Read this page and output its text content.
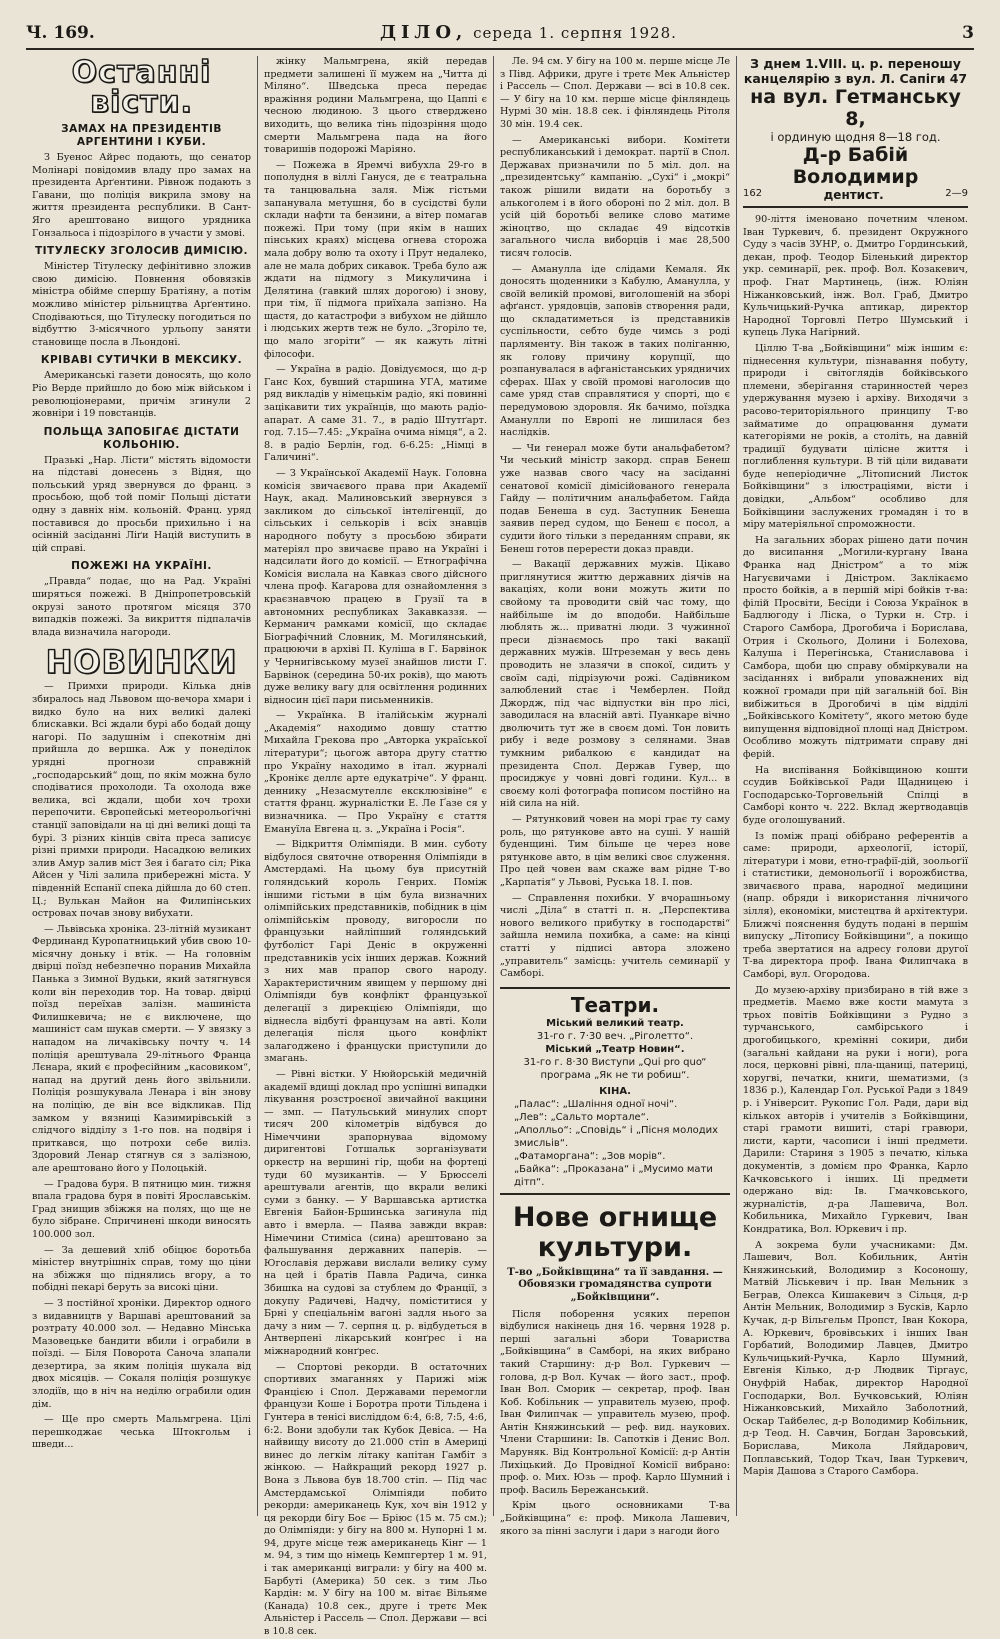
Ч. 169.	ДІЛО, середа 1. серпня 1928.	3
Останні вісти.
ЗАМАХ НА ПРЕЗИДЕНТІВ АРГЕНТИНИ І КУБИ.

З Буенос Айрес подають, що сенатор Молінарі повідомив владу про замах на президента Арґентини. Рівнож подають з Гавани, що поліція викрила змову на життя президента республики. В Сант-Яго арештовано вищого урядника Гонзальоса і підозрілого в участи у змові.

ТІТУЛЕСКУ ЗГОЛОСИВ ДИМІСІЮ.

Міністер Тітулеску дефінітивно зложив свою димісію. Повнення обовязків міністра обійме спершу Братіяну, а потім можливо міністер рільництва Арґентино. Сподіваються, що Тітулеску погодиться по відбуттю 3-місячного урльопу заняти становище посла в Льондоні.

КРІВАВІ СУТИЧКИ В МЕКСИКУ.

Американські газети доносять, що коло Ріо Верде прийшло до бою між військом і революціонерами, причім згинули 2 жовніри і 19 повстанців.

ПОЛЬЩА ЗАПОБІГАЄ ДІСТАТИ КОЛЬОНІЮ.

Празькі „Нар. Лісти“ містять відомости на підставі донесень з Відня, що польський уряд звернувся до франц. з просьбою, щоб той поміг Польщі дістати одну з давніх нім. кольоній. Франц. уряд поставився до просьби прихильно і на осінній засіданні Ліґи Націй виступить в цій справі.

ПОЖЕЖІ НА УКРАЇНІ.

„Правда“ подає, що на Рад. Україні ширяться пожежі. В Дніпропетровській окрузі заното протягом місяця 370 випадків пожежі. За викриття підпалачів влада визначила нагороди.

НОВИНКИ

— Примхи природи. Кілька днів збиралось над Львовом що-вечора хмари і видко було на них великі далекі блискавки. Всі ждали бурі або бодай дощу нагорі. По задушнім і спекотнім дні прийшла до вершка. Аж у понеділок урядні прогнози справжній „господарський“ дощ, по якім можна було сподіватися прохолоди. Та охолода вже велика, всі ждали, щоби хоч трохи перепочити. Європейські метеорольоґічні станції заповідали на ці дні великі дощі та бурі. З різних кінців світа преса записує різні примхи природи. Насадкою великих злив Амур залив міст Зея і багато сіл; Ріка Айсен у Чілі залила прибережні міста. У південній Еспанії спека дійшла до 60 степ. Ц.; Вулькан Майон на Филипінських островах почав знову вибухати.

— Львівська хроніка. 23-літній музикант Фердинанд Куропатницький убив свою 10-місячну доньку і втік. — На головнім двірці поїзд небезпечно поранив Михайла Панька з Зимної Вудьки, який затягнувся коли він переходив тор. На товар. двірці поїзд переїхав залізн. машиніста Филишкевича; не є виключене, що машиніст сам шукав смерти. — У звязку з нападом на личаківську почту ч. 14 поліція арештувала 29-літнього Франца Лєнара, який є професійним „касовиком“, напад на другий день його звільнили. Поліція розшукувала Ленара і він знову на поліцію, де він все відкликав. Під замком у вязниці Казимирівській з слідчого відділу з 1-го пов. на подвіря і приткався, що потрохи себе виліз. Здоровий Ленар стягнув ся з залізною, але арештовано його у Полоцькій.

— Градова буря. В пятницю мин. тижня впала градова буря в повіті Ярославськім. Град знищив збіжжя на полях, що ще не було зібране. Спричинені шкоди виносять 100.000 зол.

— За дешевий хліб обіцює боротьба міністер внутрішніх справ, тому що ціни на збіжжя що піднялись вгору, а то побідні пекарі беруть за високі ціни.

— З постійної хроніки. Директор одного з видавництв у Варшаві арештований за розтрату 40.000 зол. — Недавно Мінська Мазовецьке бандити вбили і ограбили в поїзді. — Біля Поворота Саноча злапали дезертира, за яким поліція шукала від двох місяців. — Сокаля поліція розшукує злодіїв, що в ніч на неділю ограбили один дім.

— Ще про смерть Мальмгрена. Цілі перешкоджає чеська Штокгольм і шведи...

жінку Мальмгрена, якій передав предмети залишені її мужем на „Читта ді Міляно“. Шведська преса передає вражіння родини Мальмгрена, що Цаппі є чесною людиною. З цього стверджено виходить, що велика тінь підозріння щодо смерти Мальмгрена пада на його товаришів подорожі Маріяно.

— Пожежа в Яремчі вибухла 29-го в пополудня в віллі Гануся, де є театральна та танцювальна заля. Між гістьми запанувала метушня, бо в сусідстві були склади нафти та бензини, а вітер помагав пожежі. При тому (при якім в наших пінських краях) місцева огнева сторожа мала добру волю та охоту і Прут недалеко, але не мала добрих сикавок. Треба було аж ждати на підмогу з Микуличина і Делятина (гавкий шлях дорогою) і знову, при тім, її підмога приїхала запізно. На щастя, до катастрофи з вибухом не дійшло і людських жертв теж не було. „Згоріло те, що мало згоріти“ — як кажуть літні філософи.

— Україна в радіо. Довідуємося, що д-р Ганс Кох, бувший старшина УГА, матиме ряд викладів у німецькім радіо, які повинні зацікавити тих українців, що мають радіо-апарат. А саме 31. 7., в радіо Штутґарт. год. 7.15—7.45: „Україна очима німця“, а 2. 8. в радіо Берлін, год. 6-6.25: „Німці в Галичині“.

— З Української Академії Наук. Головна комісія звичаєвого права при Академії Наук, акад. Малиновський звернувся з закликом до сільської інтелігенції, до сільських і селькорів і всіх знавців народного побуту з просьбою збирати матеріял про звичаєве право на Україні і надсилати його до комісії. — Етнографічна Комісія вислала на Кавказ свого дійсного члена проф. Кагарова для ознайомлення з краєзнавчою працею в Грузії та в автономних республиках Закавказзя. — Керманич рамками комісії, що складає Біографічний Словник, М. Могилянський, працюючи в архіві П. Куліша в Г. Барвінок у Чернигівському музеї знайшов листи Г. Барвінок (середина 50-их років), що мають дуже велику вагу для освітлення родинних відносин цієї пари письменників.

— Українка. В італійськім журналі „Академія“ находимо довшу статтю Михайла Грекова про „Авторка україської літератури“; цьогож автора другу статтю про Україну находимо в італ. журналі „Кронікє деллє арте едукатріче“. У франц. деннику „Незасмутеллє ексклюзівіне“ є стаття франц. журналістки Е. Ле Ґазе ся у визначника. — Про Україну є стаття Емануїла Евгена ц. з. „Україна і Росія“.

— Відкриття Олімпіяди. В мин. суботу відбулося святочне отворення Олімпіяди в Амстердамі. На цьому був присутній голяндський король Генрих. Поміж іншими гістьми в цім була визначних олімпійських представників, побідник в цім олімпійськім проводу, вигоросли по французьки найліпший голяндський футболіст Гарі Деніс в окруженні представників усіх інших держав. Кожний з них мав прапор свого народу. Характеристичним явищем у першому дні Олімпіяди був конфлікт французької делегації з дирекцією Олімпіяди, що віднесла відбуті французам на авті. Коли делегація після цього конфлікт залагоджено і француски приступили до змагань.

— Рівні вістки. У Нюйорській медичній академії вдищі доклад про успішні випадки лікування розстроєної звичайної вакцини — змп. — Патульський минулих спорт тисяч 200 кілометрів відбувся до Німеччини зрапорнуваа відомому диригентові Готшальк зорганізувати оркестр на вершині гір, щоби на фортеці туди 60 музикантів. — У Брюсселі арештували агентів, що вкрали великі суми з банку. — У Варшавська артистка Евгенія Байон-Бршинська загинула під авто і вмерла. — Паява завжди вкрав: Німечини Стиміса (сина) арештовано за фальшування державних паперів. — Югославія держави вислали велику суму на цей і братів Павла Радича, синка Збишка на судові за стублем до Франції, з докупу Радичеві, Надчу, поміститися у Брні у спеціальнім вагоні задля нього за дачу з ним — 7. серпня ц. р. відбудеться в Антверпені лікарський конґрес і на міжнародний конґрес.

— Спортові рекорди. В остаточних спортивих змаганнях у Парижі між Францією і Спол. Державами перемогли французи Коше і Боротра проти Тільдена і Гунтера в тенісі висліддом 6:4, 6:8, 7:5, 4:6, 6:2. Вони здобули так Кубок Девіса. — На найвищу висоту до 21.000 стіп в Америці винес до легкім літаку капітан Гамбіт з жінкою. — Найкращий рекорд 1927 р. Вона з Львова був 18.700 стіп. — Під час Амстердамської Олімпіяди побито рекорди: американець Кук, хоч він 1912 у ця рекорди бігу Боє — Бріюс (15 м. 75 см.); до Олімпіяди: у бігу на 800 м. Нупорні 1 м. 94, друге місце теж американець Кінг — 1 м. 94, з тим що німець Кемпгертер 1 м. 91, і так американці виграли: у бігу на 400 м. Барбуті (Америка) 50 сек. з тим Льо Кардін: м. У бігу на 100 м. вітає Вільяме (Канада) 10.8 сек., друге і третє Мек Альністер і Рассель — Спол. Держави — всі в 10.8 сек.

Ле. 94 см. У бігу на 100 м. перше місце Ле з Півд. Африки, друге і третє Мек Альністер і Рассель — Спол. Держави — всі в 10.8 сек. — У бігу на 10 км. перше місце фінляндець Нурмі 30 мін. 18.8 сек. і фінляндець Рітоля 30 мін. 19.4 сек.

— Американські вибори. Комітети республиканський і демократ. партії в Спол. Державах призначили по 5 міл. дол. на „президентську“ кампанію. „Сухі“ і „мокрі“ також рішили видати на боротьбу з алькоголем і в його обороні по 2 міл. дол. В усій цій боротьбі велике слово матиме жіноцтво, що складає 49 відсотків загального числа виборців і має 28,500 тисяч голосів.

— Аманулла іде слідами Кемаля. Як доносять щоденники з Кабулю, Аманулла, у своїй великій промові, виголошеній на зборі афґанст. урядовців, заповів створення ради, що складатиметься із представників суспільности, себто буде чимсь з роді парляменту. Він також в таких поліганню, як голову причину корупції, що розпанувалася в афганістанських урядничих сферах. Шах у своїй промові наголосив що саме уряд став справлятися у спорті, що є передумовою здоровля. Як бачимо, поїздка Аманулли по Европі не лишилася без наслідків.

— Чи генерал може бути анальфабетом? Чи чеський міністр закорд. справ Бенеш уже назвав свого часу на засіданні сенатової комісії дімісійованого генерала Гайду — політичним анальфабетом. Гайда подав Бенеша в суд. Заступник Бенеша заявив перед судом, що Бенеш є посол, а судити його тільки з переданням справи, як Бенеш готов перерести доказ правди.

— Вакації державних мужів. Цікаво приглянутися життю державних діячів на вакаціях, коли вони можуть жити по свойому та проводити свій час тому, що найбільше ім до вподоби. Найбільше люблять ж... приватні люди. З чужинної преси дізнаємось про такі вакації державних мужів. Штреземан у весь день проводить не злазячи в спокої, сидить у своїм саді, підрізуючи рожі. Садівником залюблений стає і Чемберлен. Пойд Джордж, під час відпустки він про лісі, заводилася на власній авті. Пуанкаре вічно дволючить тут же в своєм домі. Тон ловить рибу і веде розмову з селянами. Знав тумкним рибалкою є кандидат на президента Спол. Держав Гувер, що просиджує у човні довгі години. Кул... в своєму колі фотографа пописом постійно на ній сила на ній.

— Рятунковий човен на морі грає ту саму роль, що рятункове авто на суші. У нашій буденщині. Тим більше це через нове рятункове авто, в цім великі своє служення. Про цей човен вам скаже вам рідне Т-во „Карпатія“ у Львові, Руська 18. І. пов.

— Справлення похибки. У вчорашньому числі „Діла“ в статті п. н. „Перспектива нового великого прибутку в господарстві“ зайшла немила похибка, а саме: на кінці статті у підписі автора зложено „управитель“ замісць: учитель семинарії у Самборі.

Театри.
Міський великий театр.
31-го г. 7·30 веч. „Ріголетто“.
Міський „Театр Новин“.
31-го г. 8·30 Виступи „Qui pro quo“
програма „Як не ти робиш“.
КІНА.
„Палас“: „Шаління одної ночі“.
„Лев“: „Сальто мортале“.
„Аполльо“: „Сповідь“ і „Пісня молодих змисльів“.
„Фатаморгана“: „Зов морів“.
„Байка“: „Проказана“ і „Мусимо мати дітп“.
Нове огнище культури.
Т-во „Бойківщина“ та її завдання. — Обовязки громадянства супроти „Бойківщини“.

Після поборення усяких перепон відбулися накінець дня 16. червня 1928 р. перші загальні збори Товариства „Бойківщина“ в Самборі, на яких вибрано такий Старшину: д-р Вол. Гуркевич — голова, д-р Вол. Кучак — його заст., проф. Іван Вол. Сморик — секретар, проф. Іван Коб. Кобільник — управитель музею, проф. Іван Филипчак — управитель музею, проф. Антін Княжинський — реф. вид. наукових. Члени Старшини: Ів. Сапотків і Денис Вол. Маруняк. Від Контрольної Комісії: д-р Антін Лихіцький. До Провідної Комісії вибрано: проф. о. Мих. Юзь — проф. Карло Шумний і проф. Василь Бережанський.

Крім цього основниками Т-ва „Бойківщина“ є: проф. Микола Лашевич, якого за пінні заслуги і дари з нагоди його

З днем 1.VIII. ц. р. переношу канцелярію з вул. Л. Сапіги 47
на вул. Гетманську 8,
і ординую щодня 8—18 год.
Д-р Бабій Володимир
162	дентист.	2—9

90-ліття іменовано почетним членом. Іван Туркевич, б. президент Окружного Суду з часів ЗУНР, о. Дмитро Гординський, декан, проф. Теодор Біленький директор укр. семинарії, рек. проф. Вол. Козакевич, проф. Гнат Мартинець, (інж. Юліян Ніжанковський, інж. Вол. Граб, Дмитро Кульчицький-Ручка аптикар, директор Народної Торговлі Петро Шумський і купець Лука Нагірний.

Ціллю Т-ва „Бойківщини“ між іншим є: піднесення культури, пізнавання побуту, природи і світоглядів бойківського племени, зберігання старинностей через удержування музею і архіву. Виходячи з расово-територіяльного принципу Т-во займатиме до опрацювання думати категоріями не років, а століть, на давній традиції будувати цілісне життя і поглиблення культури. В тій ціли видавати буде неперіодичне „Літописний Листок Бойківщини“ з ілюстраціями, вісти і довідки, „Альбом“ особливо для Бойківщини заслужених громадян і то в міру матеріяльної спроможности.

На загальних зборах рішено дати почин до висипання „Могили-кургану Івана Франка над Дністром“ а то між Нагуєвичами і Дністром. Заклікаємо просто бойків, а в першій мірі бойків т-ва: філій Просвіти, Бесіди і Союза Українок в Бадлюгоду і Ліска, о Турки н. Стр. і Старого Самбора, Дрогобича і Борислава, Отрия і Сколього, Долини і Болехова, Калуша і Перегінська, Станиславова і Самбора, щоби цю справу обміркували на засіданнях і вибрали уповажнених від кожної громади при цій загальній бої. Він вибіжиться в Дрогобичі в цім відділі „Бойківського Комітету“, якого метою буде випущення відповідної площі над Дністром. Особливо можуть підтримати справу дні ферій.

На виспівання Бойківщиною кошти ссудив Бойківської Ради Щадницею і Господарсько-Торговельній Спілці в Самборі конто ч. 222. Вклад жертводавців буде оголошуваний.

Із поміж праці обібрано референтів а саме: природи, археології, історії, літератури і мови, етно-графії-дій, зоольоґії і статистики, демонольоґії і ворожбиства, звичаєвого права, народної медицини (напр. обряди і використання лічничого зілля), економіки, мистецтва й архітектури. Ближчі пояснення будуть подані в першім випуску „Літопису Бойківщини“, а покищо треба звертатися на адресу голови другої Т-ва директора проф. Івана Филипчака в Самборі, вул. Огородова.

До музею-архіву призбирано в тій вже з предметів. Маємо вже кости мамута з трьох повітів Бойківщини з Рудно з турчанського, самбірського і дрогобицького, кремінні сокири, диби (загальні кайдани на руки і ноги), рога лося, церковні рівні, пла-щаниці, патериці, хоругві, печатки, книги, шематизми, (з 1836 р.), Календар Гол. Руської Ради з 1849 р. і Університ. Рукопис Гол. Ради, дари від кількох авторів і учителів з Бойківщини, старі грамоти вишиті, старі гравюри, листи, карти, часописи і інші предмети. Дарили: Стариня з 1905 з печатю, кілька документів, з домієм про Франка, Карло Качковського і інших. Ці предмети одержано від: Ів. Гмачковського, журналістів, д-ра Лашевича, Вол. Кобильника, Михайло Гуркевич, Іван Кондратика, Вол. Юркевич і пр.

А зокрема були учасниками: Дм. Лашевич, Вол. Кобильник, Антін Княжинський, Володимир з Косоношу, Матвій Ліськевич і пр. Іван Мельник з Беграв, Олекса Кишакевич з Сільця, д-р Антін Мельник, Володимир з Бусків, Карло Кучак, д-р Вільгельм Пропст, Іван Кокора, А. Юркевич, бровівських і інших Іван Горбатий, Володимир Лавцев, Дмитро Кульчицький-Ручка, Карло Шумний, Евгенія Кілько, д-р Людвик Тіргаус, Онуфрій Набак, директор Народної Господарки, Вол. Бучковський, Юліян Ніжанковський, Михайло Заболотний, Оскар Тайбелес, д-р Володимир Кобільник, д-р Теод. Н. Савчин, Богдан Заровський, Борислава, Микола Ляйдарович, Поплавський, Тодор Ткач, Іван Туркевич, Марія Дашова з Старого Самбора.
